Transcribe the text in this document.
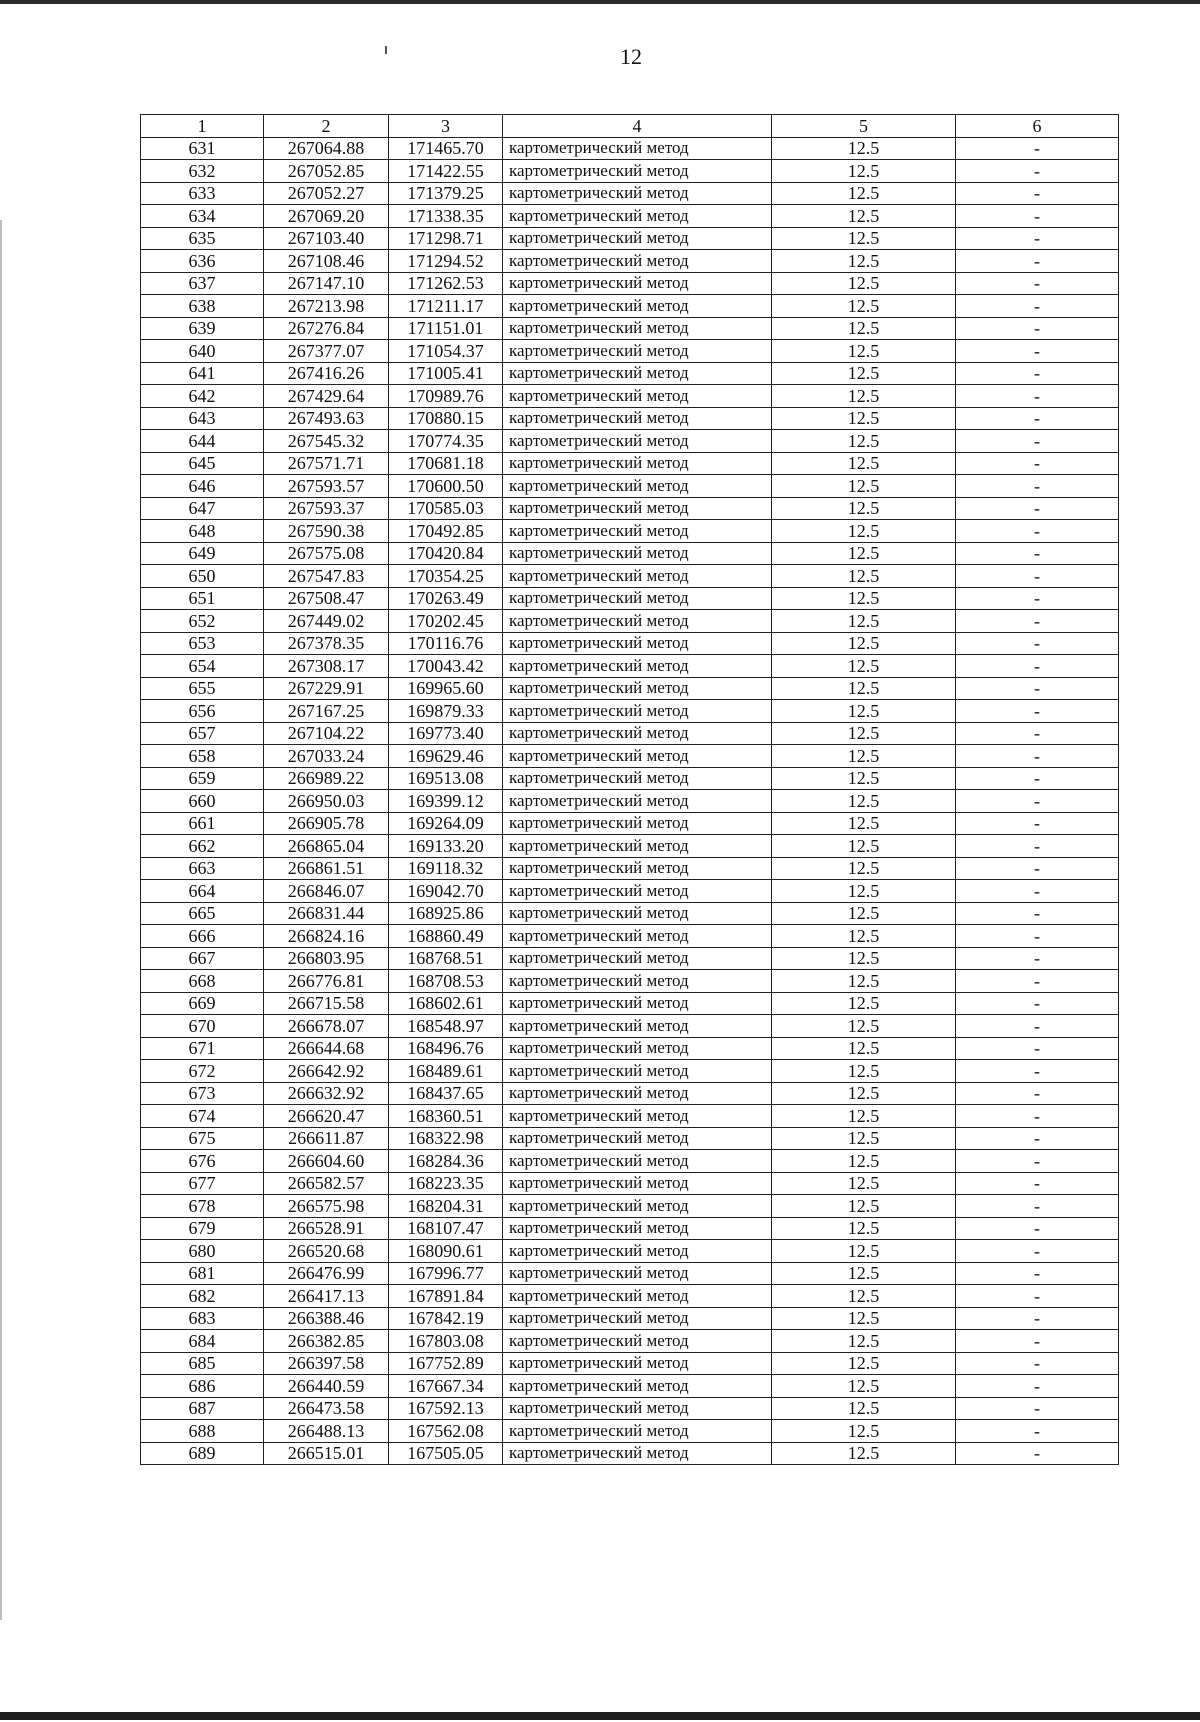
12
1	2	3	4	5	6
631	267064.88	171465.70	картометрический метод	12.5	-
632	267052.85	171422.55	картометрический метод	12.5	-
633	267052.27	171379.25	картометрический метод	12.5	-
634	267069.20	171338.35	картометрический метод	12.5	-
635	267103.40	171298.71	картометрический метод	12.5	-
636	267108.46	171294.52	картометрический метод	12.5	-
637	267147.10	171262.53	картометрический метод	12.5	-
638	267213.98	171211.17	картометрический метод	12.5	-
639	267276.84	171151.01	картометрический метод	12.5	-
640	267377.07	171054.37	картометрический метод	12.5	-
641	267416.26	171005.41	картометрический метод	12.5	-
642	267429.64	170989.76	картометрический метод	12.5	-
643	267493.63	170880.15	картометрический метод	12.5	-
644	267545.32	170774.35	картометрический метод	12.5	-
645	267571.71	170681.18	картометрический метод	12.5	-
646	267593.57	170600.50	картометрический метод	12.5	-
647	267593.37	170585.03	картометрический метод	12.5	-
648	267590.38	170492.85	картометрический метод	12.5	-
649	267575.08	170420.84	картометрический метод	12.5	-
650	267547.83	170354.25	картометрический метод	12.5	-
651	267508.47	170263.49	картометрический метод	12.5	-
652	267449.02	170202.45	картометрический метод	12.5	-
653	267378.35	170116.76	картометрический метод	12.5	-
654	267308.17	170043.42	картометрический метод	12.5	-
655	267229.91	169965.60	картометрический метод	12.5	-
656	267167.25	169879.33	картометрический метод	12.5	-
657	267104.22	169773.40	картометрический метод	12.5	-
658	267033.24	169629.46	картометрический метод	12.5	-
659	266989.22	169513.08	картометрический метод	12.5	-
660	266950.03	169399.12	картометрический метод	12.5	-
661	266905.78	169264.09	картометрический метод	12.5	-
662	266865.04	169133.20	картометрический метод	12.5	-
663	266861.51	169118.32	картометрический метод	12.5	-
664	266846.07	169042.70	картометрический метод	12.5	-
665	266831.44	168925.86	картометрический метод	12.5	-
666	266824.16	168860.49	картометрический метод	12.5	-
667	266803.95	168768.51	картометрический метод	12.5	-
668	266776.81	168708.53	картометрический метод	12.5	-
669	266715.58	168602.61	картометрический метод	12.5	-
670	266678.07	168548.97	картометрический метод	12.5	-
671	266644.68	168496.76	картометрический метод	12.5	-
672	266642.92	168489.61	картометрический метод	12.5	-
673	266632.92	168437.65	картометрический метод	12.5	-
674	266620.47	168360.51	картометрический метод	12.5	-
675	266611.87	168322.98	картометрический метод	12.5	-
676	266604.60	168284.36	картометрический метод	12.5	-
677	266582.57	168223.35	картометрический метод	12.5	-
678	266575.98	168204.31	картометрический метод	12.5	-
679	266528.91	168107.47	картометрический метод	12.5	-
680	266520.68	168090.61	картометрический метод	12.5	-
681	266476.99	167996.77	картометрический метод	12.5	-
682	266417.13	167891.84	картометрический метод	12.5	-
683	266388.46	167842.19	картометрический метод	12.5	-
684	266382.85	167803.08	картометрический метод	12.5	-
685	266397.58	167752.89	картометрический метод	12.5	-
686	266440.59	167667.34	картометрический метод	12.5	-
687	266473.58	167592.13	картометрический метод	12.5	-
688	266488.13	167562.08	картометрический метод	12.5	-
689	266515.01	167505.05	картометрический метод	12.5	-
